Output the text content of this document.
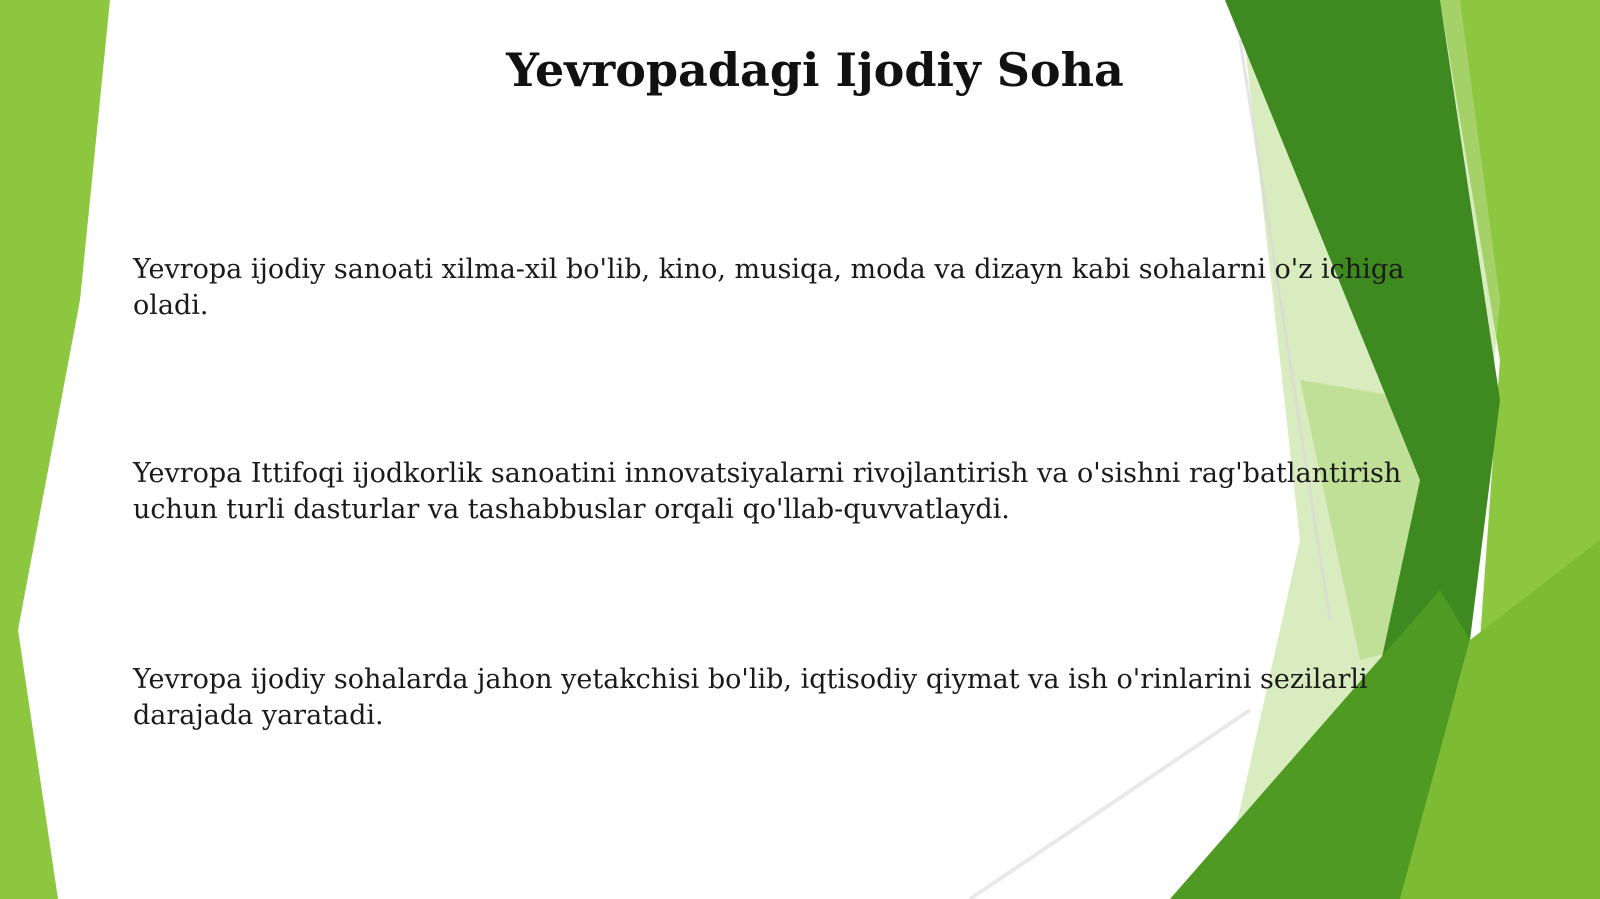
Yevropadagi Ijodiy Soha

Yevropa ijodiy sanoati xilma-xil bo'lib, kino, musiqa, moda va dizayn kabi sohalarni o'z ichiga oladi.

Yevropa Ittifoqi ijodkorlik sanoatini innovatsiyalarni rivojlantirish va o'sishni rag'batlantirish uchun turli dasturlar va tashabbuslar orqali qo'llab-quvvatlaydi.

Yevropa ijodiy sohalarda jahon yetakchisi bo'lib, iqtisodiy qiymat va ish o'rinlarini sezilarli darajada yaratadi.
